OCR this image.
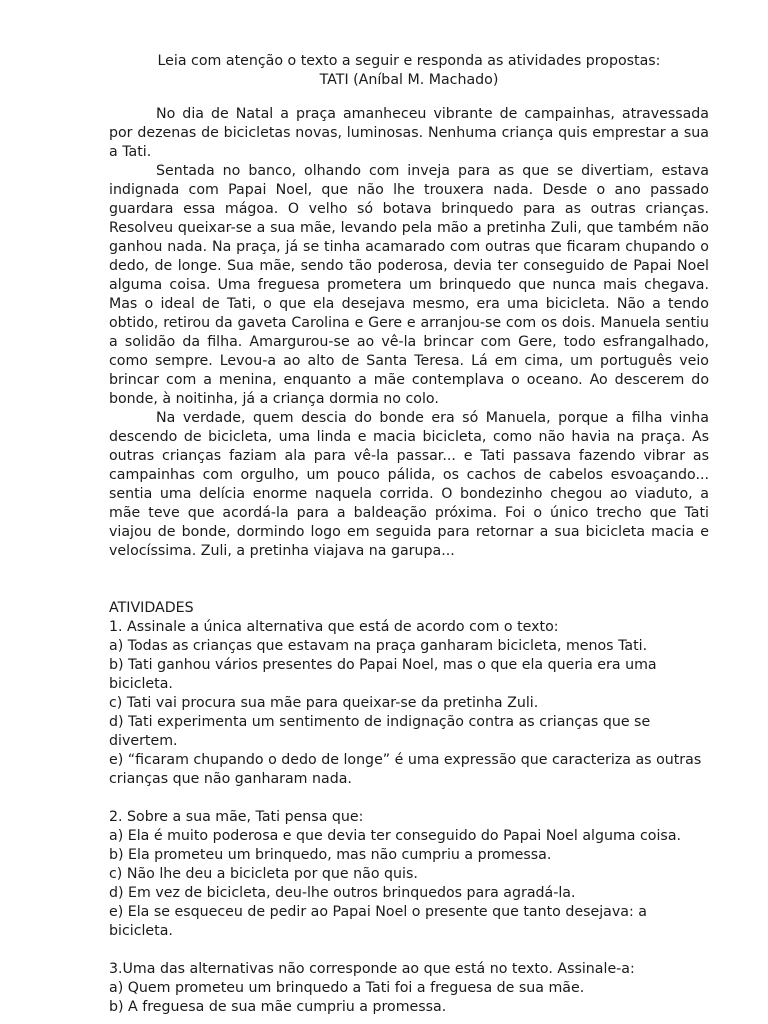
Leia com atenção o texto a seguir e responda as atividades propostas:

TATI (Aníbal M. Machado)

No dia de Natal a praça amanheceu vibrante de campainhas, atravessada por dezenas de bicicletas novas, luminosas. Nenhuma criança quis emprestar a sua a Tati.

Sentada no banco, olhando com inveja para as que se divertiam, estava indignada com Papai Noel, que não lhe trouxera nada. Desde o ano passado guardara essa mágoa. O velho só botava brinquedo para as outras crianças. Resolveu queixar-se a sua mãe, levando pela mão a pretinha Zuli, que também não ganhou nada. Na praça, já se tinha acamarado com outras que ficaram chupando o dedo, de longe. Sua mãe, sendo tão poderosa, devia ter conseguido de Papai Noel alguma coisa. Uma freguesa prometera um brinquedo que nunca mais chegava. Mas o ideal de Tati, o que ela desejava mesmo, era uma bicicleta. Não a tendo obtido, retirou da gaveta Carolina e Gere e arranjou-se com os dois. Manuela sentiu a solidão da filha. Amargurou-se ao vê-la brincar com Gere, todo esfrangalhado, como sempre. Levou-a ao alto de Santa Teresa. Lá em cima, um português veio brincar com a menina, enquanto a mãe contemplava o oceano. Ao descerem do bonde, à noitinha, já a criança dormia no colo.

Na verdade, quem descia do bonde era só Manuela, porque a filha vinha descendo de bicicleta, uma linda e macia bicicleta, como não havia na praça. As outras crianças faziam ala para vê-la passar... e Tati passava fazendo vibrar as campainhas com orgulho, um pouco pálida, os cachos de cabelos esvoaçando... sentia uma delícia enorme naquela corrida. O bondezinho chegou ao viaduto, a mãe teve que acordá-la para a baldeação próxima. Foi o único trecho que Tati viajou de bonde, dormindo logo em seguida para retornar a sua bicicleta macia e velocíssima. Zuli, a pretinha viajava na garupa...

ATIVIDADES

1. Assinale a única alternativa que está de acordo com o texto:

a) Todas as crianças que estavam na praça ganharam bicicleta, menos Tati.

b) Tati ganhou vários presentes do Papai Noel, mas o que ela queria era uma bicicleta.

c) Tati vai procura sua mãe para queixar-se da pretinha Zuli.

d) Tati experimenta um sentimento de indignação contra as crianças que se divertem.

e) “ficaram chupando o dedo de longe” é uma expressão que caracteriza as outras crianças que não ganharam nada.

2. Sobre a sua mãe, Tati pensa que:

a) Ela é muito poderosa e que devia ter conseguido do Papai Noel alguma coisa.

b) Ela prometeu um brinquedo, mas não cumpriu a promessa.

c) Não lhe deu a bicicleta por que não quis.

d) Em vez de bicicleta, deu-lhe outros brinquedos para agradá-la.

e) Ela se esqueceu de pedir ao Papai Noel o presente que tanto desejava: a bicicleta.

3.Uma das alternativas não corresponde ao que está no texto. Assinale-a:

a) Quem prometeu um brinquedo a Tati foi a freguesa de sua mãe.

b) A freguesa de sua mãe cumpriu a promessa.
